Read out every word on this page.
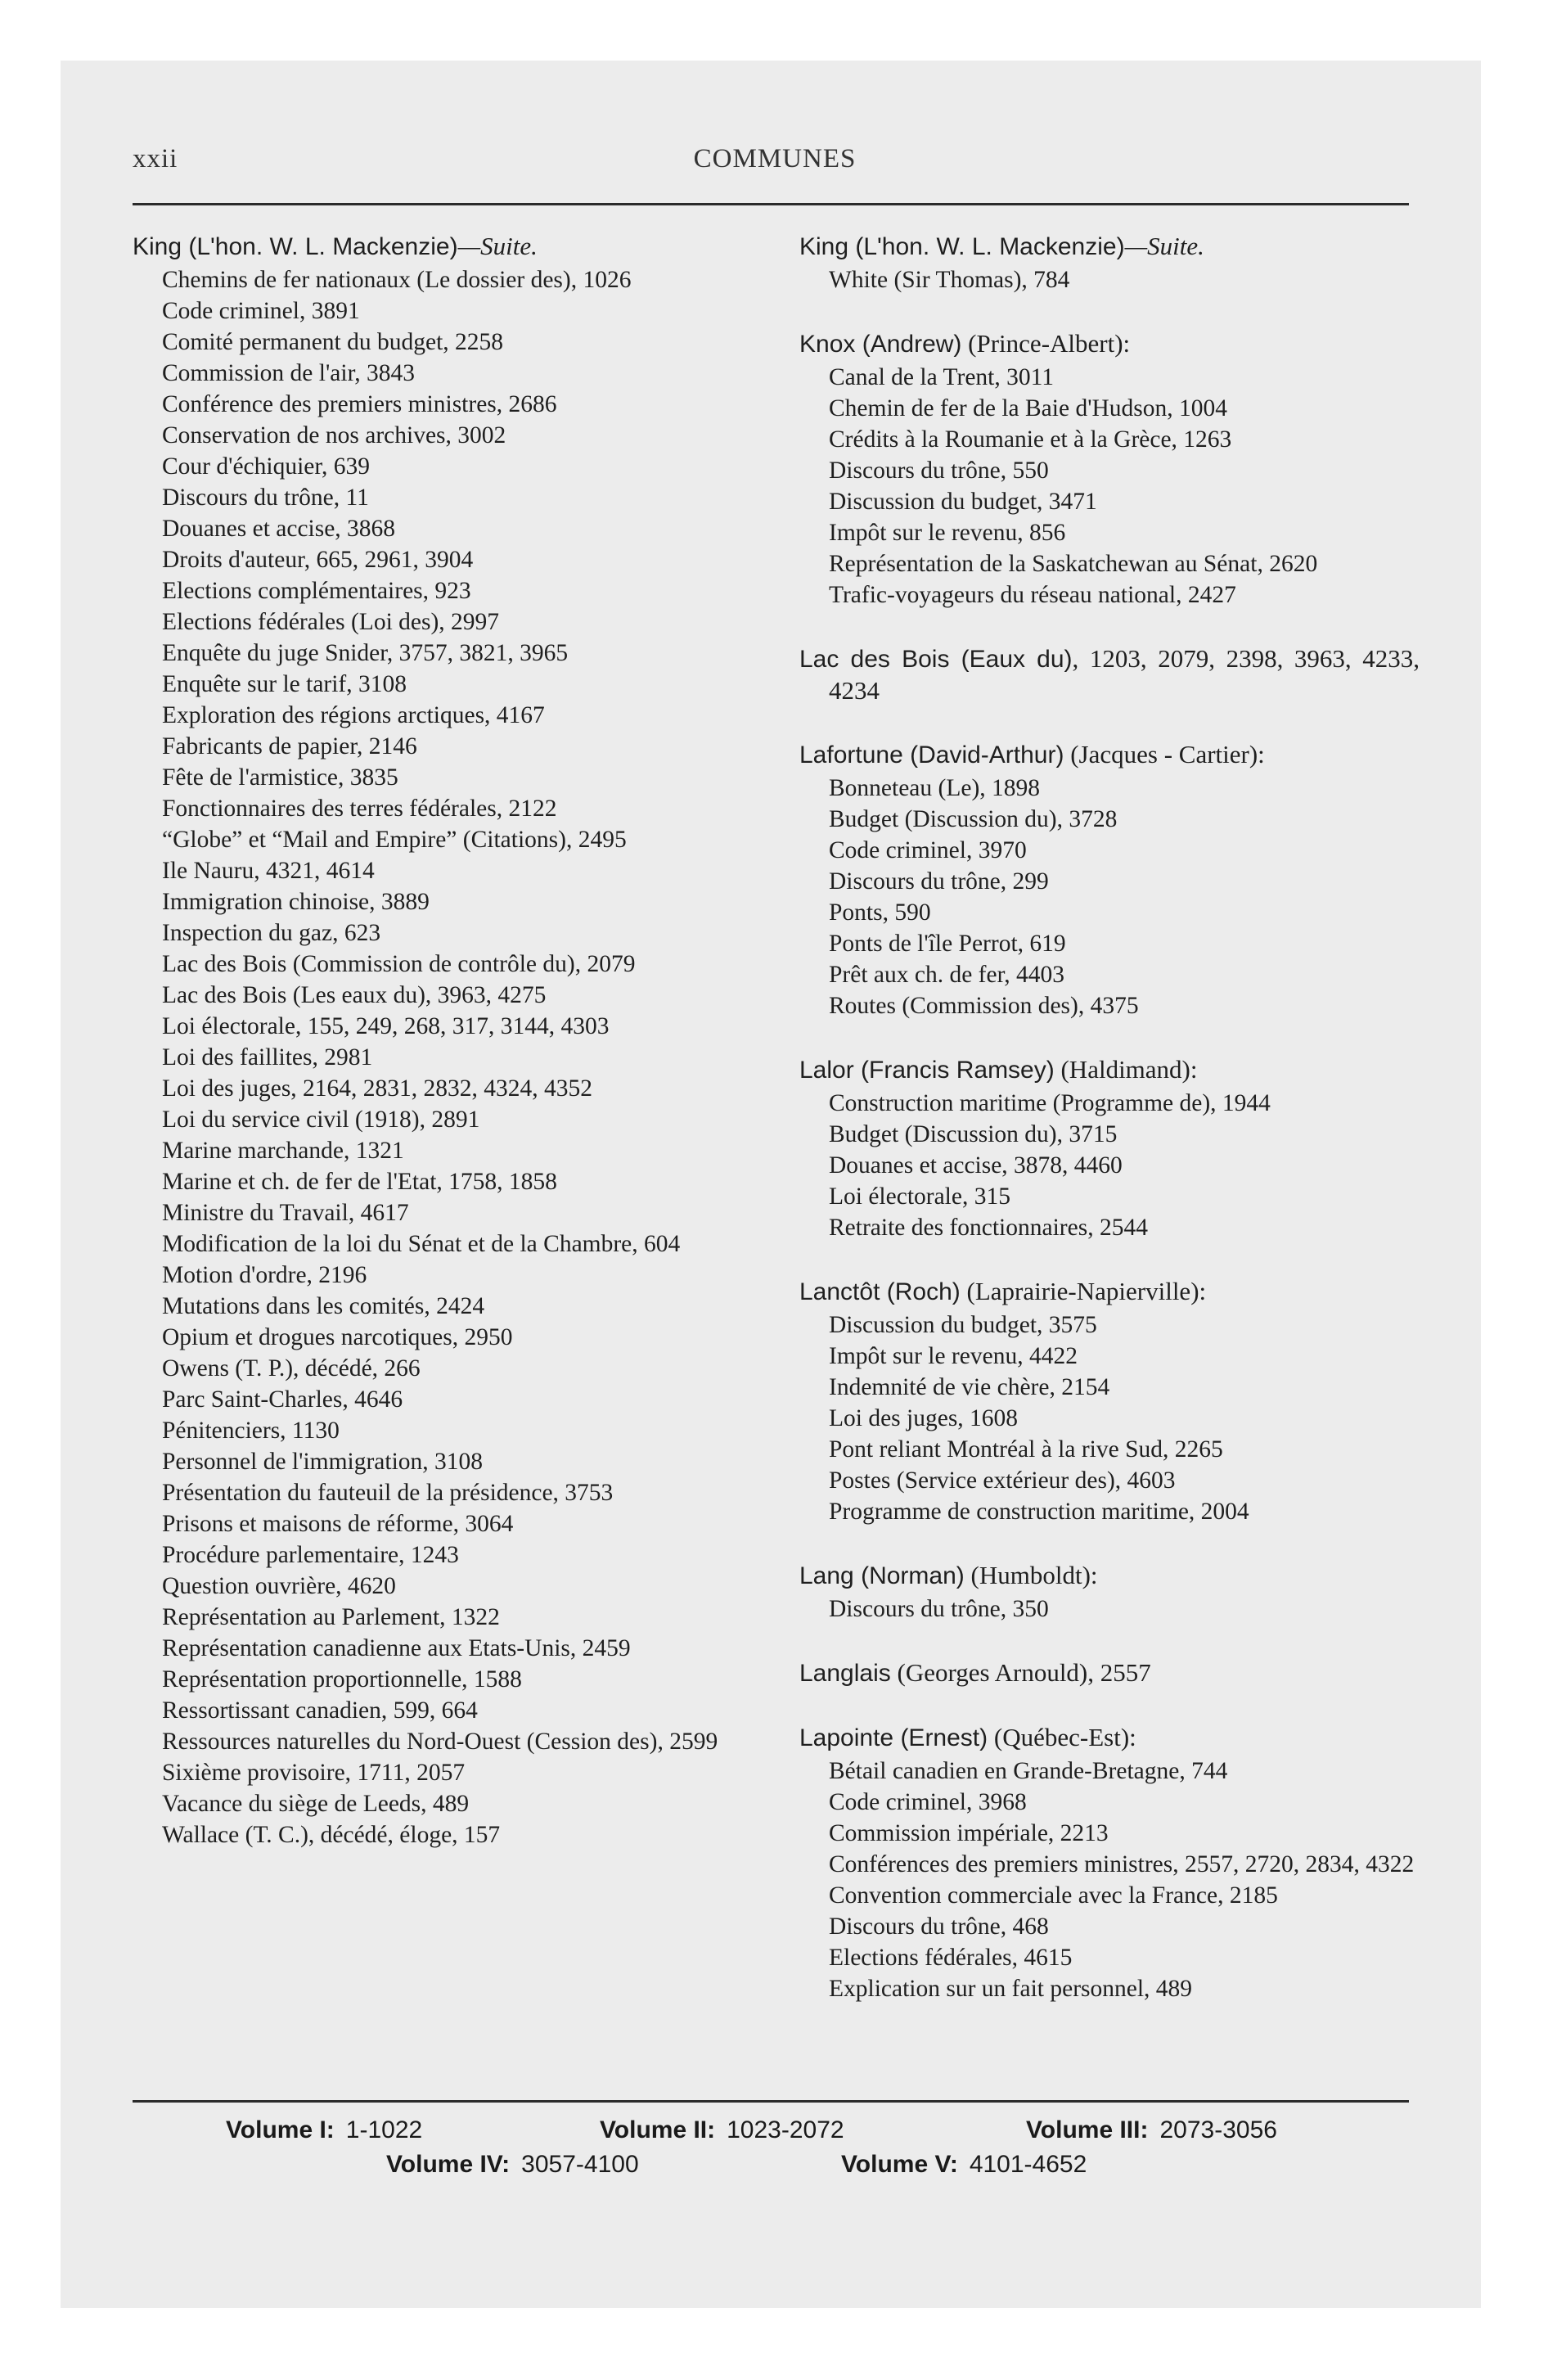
xxii	COMMUNES
King (L'hon. W. L. Mackenzie)—Suite.
Chemins de fer nationaux (Le dossier des), 1026
Code criminel, 3891
Comité permanent du budget, 2258
Commission de l'air, 3843
Conférence des premiers ministres, 2686
Conservation de nos archives, 3002
Cour d'échiquier, 639
Discours du trône, 11
Douanes et accise, 3868
Droits d'auteur, 665, 2961, 3904
Elections complémentaires, 923
Elections fédérales (Loi des), 2997
Enquête du juge Snider, 3757, 3821, 3965
Enquête sur le tarif, 3108
Exploration des régions arctiques, 4167
Fabricants de papier, 2146
Fête de l'armistice, 3835
Fonctionnaires des terres fédérales, 2122
“Globe” et “Mail and Empire” (Citations), 2495
Ile Nauru, 4321, 4614
Immigration chinoise, 3889
Inspection du gaz, 623
Lac des Bois (Commission de contrôle du), 2079
Lac des Bois (Les eaux du), 3963, 4275
Loi électorale, 155, 249, 268, 317, 3144, 4303
Loi des faillites, 2981
Loi des juges, 2164, 2831, 2832, 4324, 4352
Loi du service civil (1918), 2891
Marine marchande, 1321
Marine et ch. de fer de l'Etat, 1758, 1858
Ministre du Travail, 4617
Modification de la loi du Sénat et de la Chambre, 604
Motion d'ordre, 2196
Mutations dans les comités, 2424
Opium et drogues narcotiques, 2950
Owens (T. P.), décédé, 266
Parc Saint-Charles, 4646
Pénitenciers, 1130
Personnel de l'immigration, 3108
Présentation du fauteuil de la présidence, 3753
Prisons et maisons de réforme, 3064
Procédure parlementaire, 1243
Question ouvrière, 4620
Représentation au Parlement, 1322
Représentation canadienne aux Etats-Unis, 2459
Représentation proportionnelle, 1588
Ressortissant canadien, 599, 664
Ressources naturelles du Nord-Ouest (Cession des), 2599
Sixième provisoire, 1711, 2057
Vacance du siège de Leeds, 489
Wallace (T. C.), décédé, éloge, 157
King (L'hon. W. L. Mackenzie)—Suite.
White (Sir Thomas), 784
Knox (Andrew) (Prince-Albert):
Canal de la Trent, 3011
Chemin de fer de la Baie d'Hudson, 1004
Crédits à la Roumanie et à la Grèce, 1263
Discours du trône, 550
Discussion du budget, 3471
Impôt sur le revenu, 856
Représentation de la Saskatchewan au Sénat, 2620
Trafic-voyageurs du réseau national, 2427
Lac des Bois (Eaux du), 1203, 2079, 2398, 3963, 4233, 4234
Lafortune (David-Arthur) (Jacques - Cartier):
Bonneteau (Le), 1898
Budget (Discussion du), 3728
Code criminel, 3970
Discours du trône, 299
Ponts, 590
Ponts de l'île Perrot, 619
Prêt aux ch. de fer, 4403
Routes (Commission des), 4375
Lalor (Francis Ramsey) (Haldimand):
Construction maritime (Programme de), 1944
Budget (Discussion du), 3715
Douanes et accise, 3878, 4460
Loi électorale, 315
Retraite des fonctionnaires, 2544
Lanctôt (Roch) (Laprairie-Napierville):
Discussion du budget, 3575
Impôt sur le revenu, 4422
Indemnité de vie chère, 2154
Loi des juges, 1608
Pont reliant Montréal à la rive Sud, 2265
Postes (Service extérieur des), 4603
Programme de construction maritime, 2004
Lang (Norman) (Humboldt):
Discours du trône, 350
Langlais (Georges Arnould), 2557
Lapointe (Ernest) (Québec-Est):
Bétail canadien en Grande-Bretagne, 744
Code criminel, 3968
Commission impériale, 2213
Conférences des premiers ministres, 2557, 2720, 2834, 4322
Convention commerciale avec la France, 2185
Discours du trône, 468
Elections fédérales, 4615
Explication sur un fait personnel, 489
Volume I: 1-1022	Volume II: 1023-2072	Volume III: 2073-3056
Volume IV: 3057-4100	Volume V: 4101-4652
